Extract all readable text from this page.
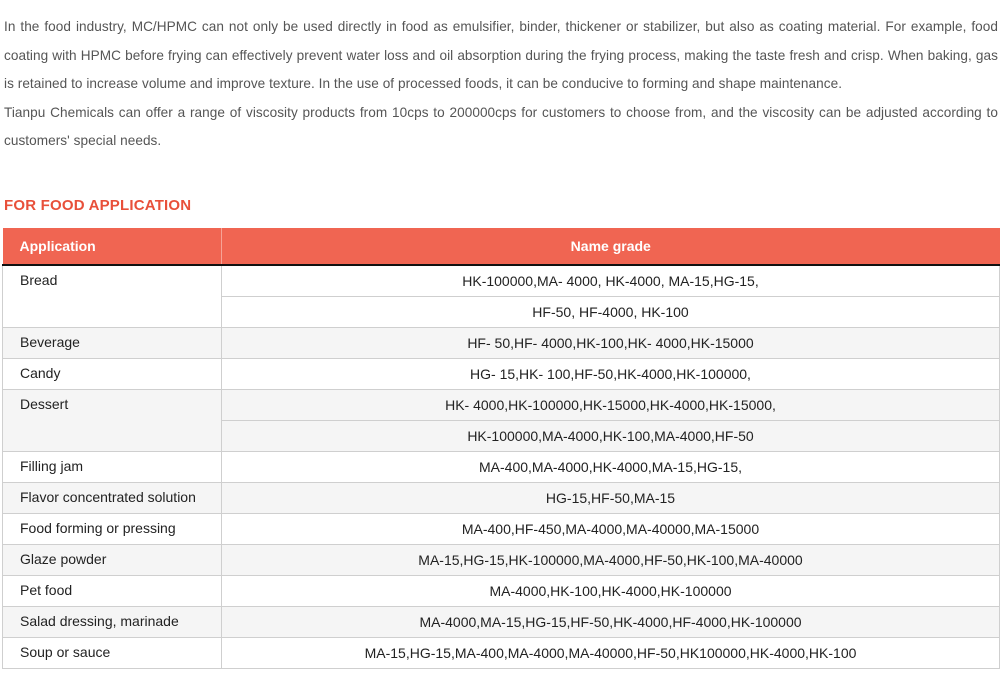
In the food industry, MC/HPMC can not only be used directly in food as emulsifier, binder, thickener or stabilizer, but also as coating material. For example, food coating with HPMC before frying can effectively prevent water loss and oil absorption during the frying process, making the taste fresh and crisp. When baking, gas is retained to increase volume and improve texture. In the use of processed foods, it can be conducive to forming and shape maintenance.

Tianpu Chemicals can offer a range of viscosity products from 10cps to 200000cps for customers to choose from, and the viscosity can be adjusted according to customers' special needs.

FOR FOOD APPLICATION
Application	Name grade
Bread	HK-100000,MA- 4000, HK-4000, MA-15,HG-15,
	HF-50, HF-4000, HK-100
Beverage	HF- 50,HF- 4000,HK-100,HK- 4000,HK-15000
Candy	HG- 15,HK- 100,HF-50,HK-4000,HK-100000,
Dessert	HK- 4000,HK-100000,HK-15000,HK-4000,HK-15000,
	HK-100000,MA-4000,HK-100,MA-4000,HF-50
Filling jam	MA-400,MA-4000,HK-4000,MA-15,HG-15,
Flavor concentrated solution	HG-15,HF-50,MA-15
Food forming or pressing	MA-400,HF-450,MA-4000,MA-40000,MA-15000
Glaze powder	MA-15,HG-15,HK-100000,MA-4000,HF-50,HK-100,MA-40000
Pet food	MA-4000,HK-100,HK-4000,HK-100000
Salad dressing, marinade	MA-4000,MA-15,HG-15,HF-50,HK-4000,HF-4000,HK-100000
Soup or sauce	MA-15,HG-15,MA-400,MA-4000,MA-40000,HF-50,HK100000,HK-4000,HK-100
